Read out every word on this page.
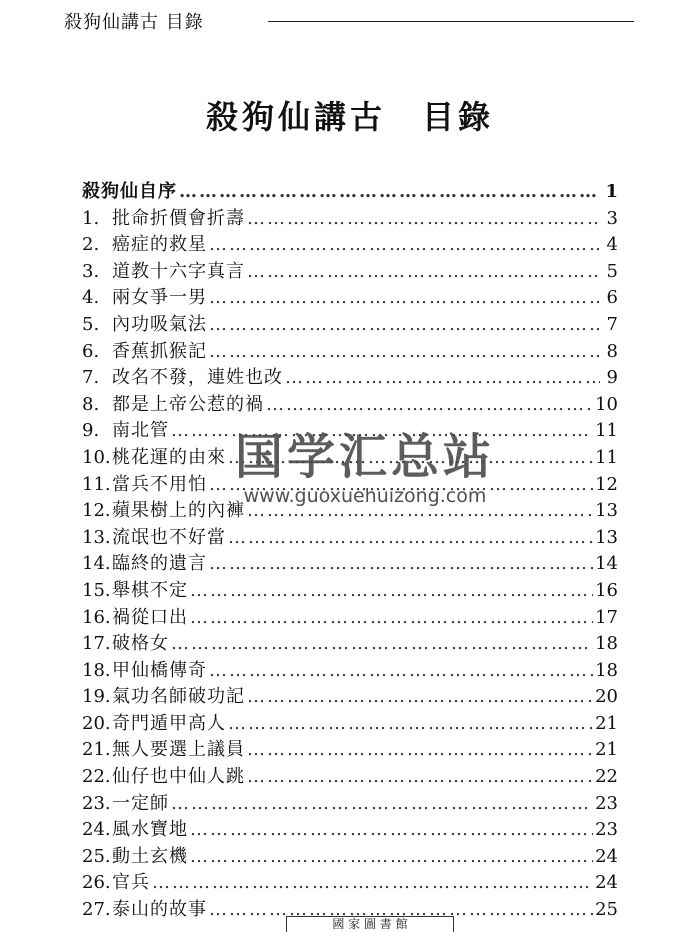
殺狗仙講古 目錄
殺狗仙講古　目錄
殺狗仙自序 ……………………………………………………………………………………………………………………	1
1. 批命折價會折壽 ……………………………………………………………………………………………………………………	3
2. 癌症的救星 ……………………………………………………………………………………………………………………	4
3. 道教十六字真言 ……………………………………………………………………………………………………………………	5
4. 兩女爭一男 ……………………………………………………………………………………………………………………	6
5. 內功吸氣法 ……………………………………………………………………………………………………………………	7
6. 香蕉抓猴記 ……………………………………………………………………………………………………………………	8
7. 改名不發，連姓也改 ……………………………………………………………………………………………………………………	9
8. 都是上帝公惹的禍 ……………………………………………………………………………………………………………………	10
9. 南北管 ……………………………………………………………………………………………………………………	11
10. 桃花運的由來 ……………………………………………………………………………………………………………………	11
11. 當兵不用怕 ……………………………………………………………………………………………………………………	12
12. 蘋果樹上的內褲 ……………………………………………………………………………………………………………………	13
13. 流氓也不好當 ……………………………………………………………………………………………………………………	13
14. 臨終的遺言 ……………………………………………………………………………………………………………………	14
15. 舉棋不定 ……………………………………………………………………………………………………………………	16
16. 禍從口出 ……………………………………………………………………………………………………………………	17
17. 破格女 ……………………………………………………………………………………………………………………	18
18. 甲仙橋傳奇 ……………………………………………………………………………………………………………………	18
19. 氣功名師破功記 ……………………………………………………………………………………………………………………	20
20. 奇門遁甲高人 ……………………………………………………………………………………………………………………	21
21. 無人要選上議員 ……………………………………………………………………………………………………………………	21
22. 仙仔也中仙人跳 ……………………………………………………………………………………………………………………	22
23. 一定師 ……………………………………………………………………………………………………………………	23
24. 風水寶地 ……………………………………………………………………………………………………………………	23
25. 動土玄機 ……………………………………………………………………………………………………………………	24
26. 官兵 ……………………………………………………………………………………………………………………	24
27. 泰山的故事 ……………………………………………………………………………………………………………………	25
国学汇总站
www.guoxuehuizong.com
國 家 圖 書 館
